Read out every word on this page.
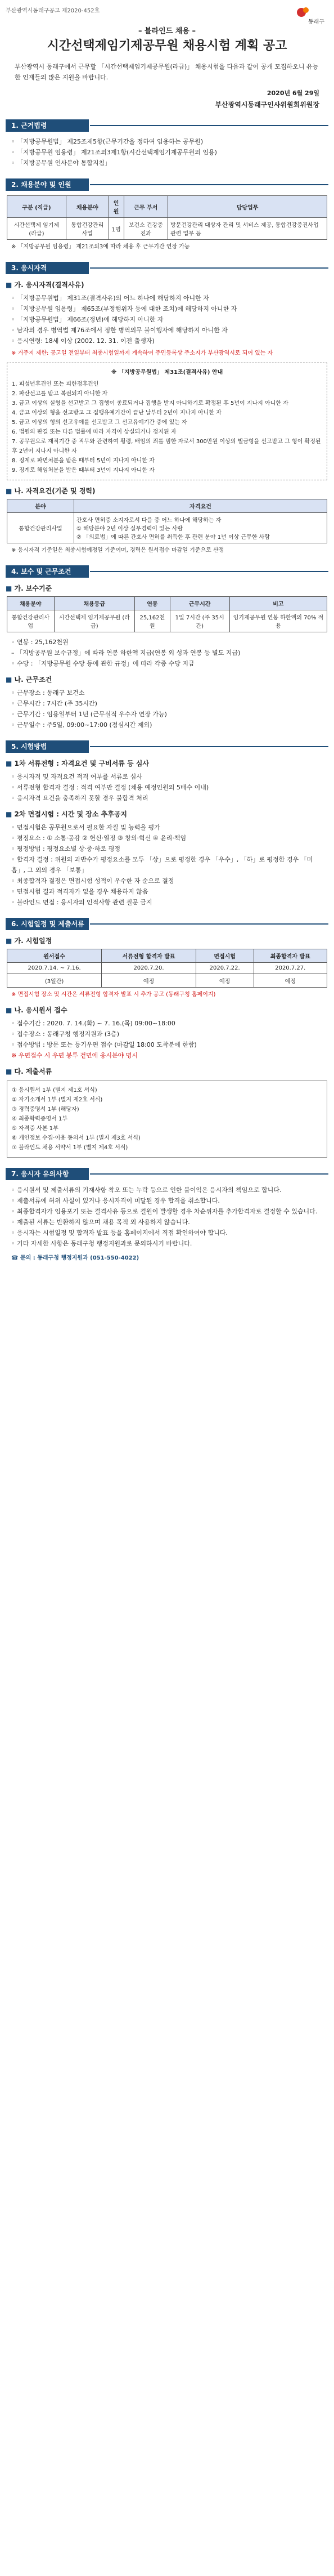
부산광역시동래구공고 제2020-452호
동래구
– 블라인드 채용 –
시간선택제임기제공무원 채용시험 계획 공고
부산광역시 동래구에서 근무할 「시간선택제임기제공무원(라급)」 채용시험을 다음과 같이 공개 모집하오니 유능한 인재들의 많은 지원을 바랍니다.
2020년 6월 29일
부산광역시동래구인사위원회위원장
1. 근거법령
◦ 「지방공무원법」 제25조제5항(근무기간을 정하여 임용하는 공무원)
◦ 「지방공무원 임용령」 제21조의3제1항(시간선택제임기제공무원의 임용)
◦ 「지방공무원 인사분야 통합지침」
2. 채용분야 및 인원
구분 (직급)	채용분야	인원	근무 부서	담당업무
시간선택제 임기제 (라급)	통합건강관리사업	1명	보건소 건강증진과	방문건강관리 대상자 관리 및 서비스 제공, 통합건강증진사업 관련 업무 등
※ 「지방공무원 임용령」 제21조의3에 따라 채용 후 근무기간 연장 가능
3. 응시자격
■ 가. 응시자격(결격사유)
◦ 「지방공무원법」 제31조(결격사유)의 어느 하나에 해당하지 아니한 자
◦ 「지방공무원 임용령」 제65조(부정행위자 등에 대한 조치)에 해당하지 아니한 자
◦ 「지방공무원법」 제66조(정년)에 해당하지 아니한 자
◦ 남자의 경우 병역법 제76조에서 정한 병역의무 불이행자에 해당하지 아니한 자
◦ 응시연령: 18세 이상 (2002. 12. 31. 이전 출생자)
※ 거주지 제한: 공고일 전일부터 최종시험일까지 계속하여 주민등록상 주소지가 부산광역시로 되어 있는 자
※ 「지방공무원법」 제31조(결격사유) 안내
1. 피성년후견인 또는 피한정후견인
2. 파산선고를 받고 복권되지 아니한 자
3. 금고 이상의 실형을 선고받고 그 집행이 종료되거나 집행을 받지 아니하기로 확정된 후 5년이 지나지 아니한 자
4. 금고 이상의 형을 선고받고 그 집행유예기간이 끝난 날부터 2년이 지나지 아니한 자
5. 금고 이상의 형의 선고유예를 선고받고 그 선고유예기간 중에 있는 자
6. 법원의 판결 또는 다른 법률에 따라 자격이 상실되거나 정지된 자
7. 공무원으로 재직기간 중 직무와 관련하여 횡령, 배임의 죄를 범한 자로서 300만원 이상의 벌금형을 선고받고 그 형이 확정된 후 2년이 지나지 아니한 자
8. 징계로 파면처분을 받은 때부터 5년이 지나지 아니한 자
9. 징계로 해임처분을 받은 때부터 3년이 지나지 아니한 자
■ 나. 자격요건(기준 및 경력)
분야	자격요건
통합건강관리사업	간호사 면허증 소지자로서 다음 중 어느 하나에 해당하는 자
① 해당분야 2년 이상 실무경력이 있는 사람
② 「의료법」에 따른 간호사 면허를 취득한 후 관련 분야 1년 이상 근무한 사람
※ 응시자격 기준일은 최종시험예정일 기준이며, 경력은 원서접수 마감일 기준으로 산정
4. 보수 및 근무조건
■ 가. 보수기준
채용분야	채용등급	연봉	근무시간	비고
통합건강관리사업	시간선택제 임기제공무원 (라급)	25,162천원	1일 7시간 (주 35시간)	임기제공무원 연봉 하한액의 70% 적용
◦ 연봉 : 25,162천원
– 「지방공무원 보수규정」에 따라 연봉 하한액 지급(연봉 외 성과 연봉 등 별도 지급)
◦ 수당 : 「지방공무원 수당 등에 관한 규정」에 따라 각종 수당 지급
■ 나. 근무조건
◦ 근무장소 : 동래구 보건소
◦ 근무시간 : 7시간 (주 35시간)
◦ 근무기간 : 임용일부터 1년 (근무실적 우수자 연장 가능)
◦ 근무일수 : 주5일, 09:00~17:00 (점심시간 제외)
5. 시험방법
■ 1차 서류전형 : 자격요건 및 구비서류 등 심사
◦ 응시자격 및 자격요건 적격 여부를 서류로 심사
◦ 서류전형 합격자 결정 : 적격 여부만 결정 (채용 예정인원의 5배수 이내)
◦ 응시자격 요건을 충족하지 못할 경우 불합격 처리
■ 2차 면접시험 : 시간 및 장소 추후공지
◦ 면접시험은 공무원으로서 필요한 자질 및 능력을 평가
◦ 평정요소 : ① 소통·공감 ② 헌신·열정 ③ 창의·혁신 ④ 윤리·책임
◦ 평정방법 : 평정요소별 상·중·하로 평정
◦ 합격자 결정 : 위원의 과반수가 평정요소를 모두 「상」으로 평정한 경우 「우수」, 「하」로 평정한 경우 「미흡」, 그 외의 경우 「보통」
◦ 최종합격자 결정은 면접시험 성적이 우수한 자 순으로 결정
◦ 면접시험 결과 적격자가 없을 경우 채용하지 않음
◦ 블라인드 면접 : 응시자의 인적사항 관련 질문 금지
6. 시험일정 및 제출서류
■ 가. 시험일정
원서접수	서류전형 합격자 발표	면접시험	최종합격자 발표
2020.7.14. ~ 7.16.	2020.7.20.	2020.7.22.	2020.7.27.
(3일간)	예정	예정	예정
※ 면접시험 장소 및 시간은 서류전형 합격자 발표 시 추가 공고 (동래구청 홈페이지)
■ 나. 응시원서 접수
◦ 접수기간 : 2020. 7. 14.(화) ~ 7. 16.(목) 09:00~18:00
◦ 접수장소 : 동래구청 행정지원과 (3층)
◦ 접수방법 : 방문 또는 등기우편 접수 (마감일 18:00 도착분에 한함)
※ 우편접수 시 우편 봉투 겉면에 응시분야 명시
■ 다. 제출서류
① 응시원서 1부 (별지 제1호 서식)
② 자기소개서 1부 (별지 제2호 서식)
③ 경력증명서 1부 (해당자)
④ 최종학력증명서 1부
⑤ 자격증 사본 1부
⑥ 개인정보 수집·이용 동의서 1부 (별지 제3호 서식)
⑦ 블라인드 채용 서약서 1부 (별지 제4호 서식)
7. 응시자 유의사항
◦ 응시원서 및 제출서류의 기재사항 착오 또는 누락 등으로 인한 불이익은 응시자의 책임으로 합니다.
◦ 제출서류에 허위 사실이 있거나 응시자격이 미달된 경우 합격을 취소합니다.
◦ 최종합격자가 임용포기 또는 결격사유 등으로 결원이 발생할 경우 차순위자를 추가합격자로 결정할 수 있습니다.
◦ 제출된 서류는 반환하지 않으며 채용 목적 외 사용하지 않습니다.
◦ 응시자는 시험일정 및 합격자 발표 등을 홈페이지에서 직접 확인하여야 합니다.
◦ 기타 자세한 사항은 동래구청 행정지원과로 문의하시기 바랍니다.
☎ 문의 : 동래구청 행정지원과 (051-550-4022)
